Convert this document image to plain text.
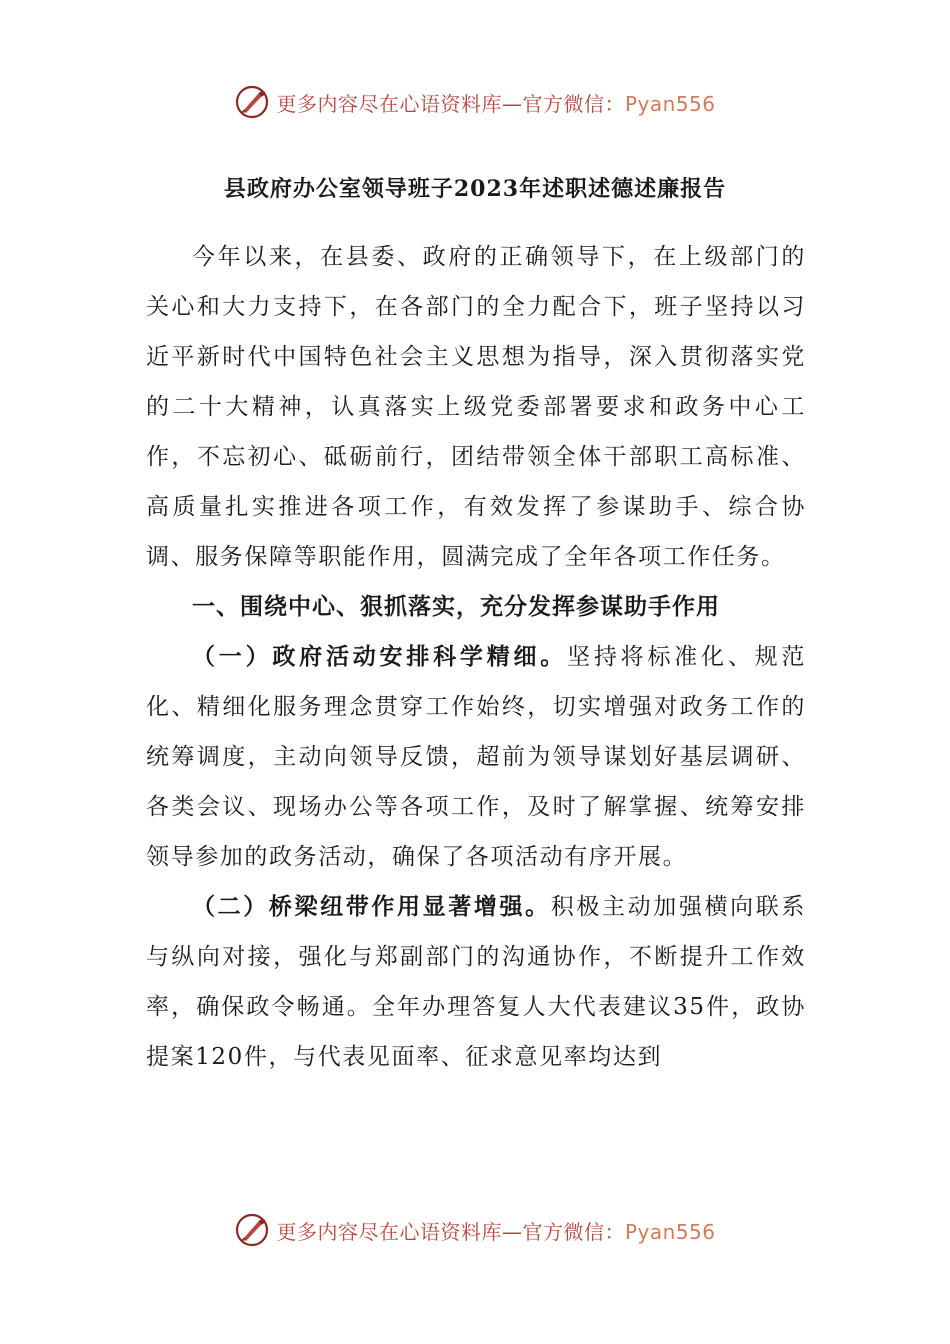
更多内容尽在心语资料库—官方微信：Pyan556
县政府办公室领导班子2023年述职述德述廉报告

今年以来，在县委、政府的正确领导下，在上级部门的关心和大力支持下，在各部门的全力配合下，班子坚持以习近平新时代中国特色社会主义思想为指导，深入贯彻落实党的二十大精神，认真落实上级党委部署要求和政务中心工作，不忘初心、砥砺前行，团结带领全体干部职工高标准、高质量扎实推进各项工作，有效发挥了参谋助手、综合协调、服务保障等职能作用，圆满完成了全年各项工作任务。

一、围绕中心、狠抓落实，充分发挥参谋助手作用

（一）政府活动安排科学精细。坚持将标准化、规范化、精细化服务理念贯穿工作始终，切实增强对政务工作的统筹调度，主动向领导反馈，超前为领导谋划好基层调研、各类会议、现场办公等各项工作，及时了解掌握、统筹安排领导参加的政务活动，确保了各项活动有序开展。

（二）桥梁纽带作用显著增强。积极主动加强横向联系与纵向对接，强化与郑副部门的沟通协作，不断提升工作效率，确保政令畅通。全年办理答复人大代表建议35件，政协提案120件，与代表见面率、征求意见率均达到

更多内容尽在心语资料库—官方微信：Pyan556
